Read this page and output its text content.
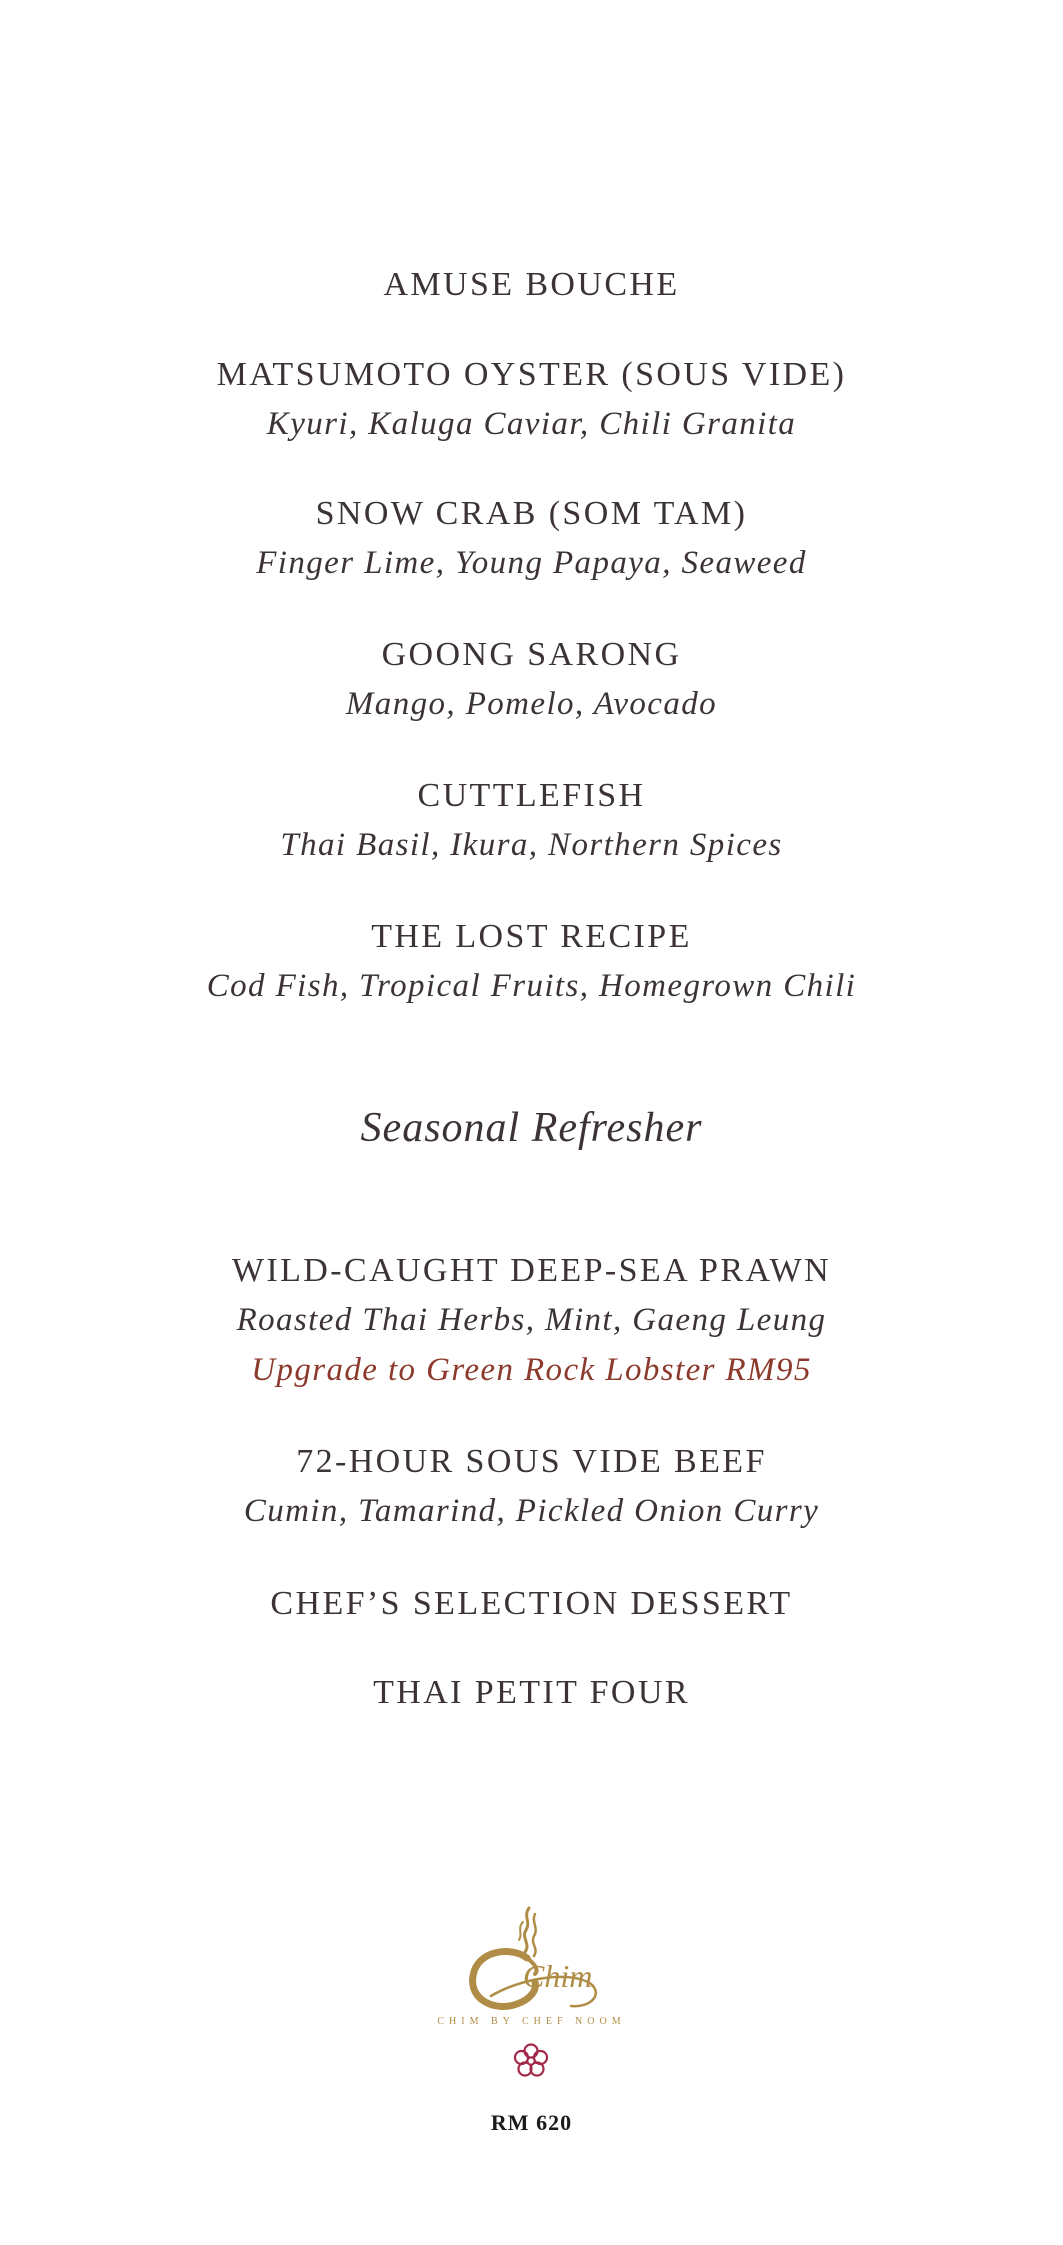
AMUSE BOUCHE
MATSUMOTO OYSTER (SOUS VIDE)
Kyuri, Kaluga Caviar, Chili Granita
SNOW CRAB (SOM TAM)
Finger Lime, Young Papaya, Seaweed
GOONG SARONG
Mango, Pomelo, Avocado
CUTTLEFISH
Thai Basil, Ikura, Northern Spices
THE LOST RECIPE
Cod Fish, Tropical Fruits, Homegrown Chili
Seasonal Refresher
WILD-CAUGHT DEEP-SEA PRAWN
Roasted Thai Herbs, Mint, Gaeng Leung
Upgrade to Green Rock Lobster RM95
72-HOUR SOUS VIDE BEEF
Cumin, Tamarind, Pickled Onion Curry
CHEF’S SELECTION DESSERT
THAI PETIT FOUR
Chim
CHIM BY CHEF NOOM
RM 620
